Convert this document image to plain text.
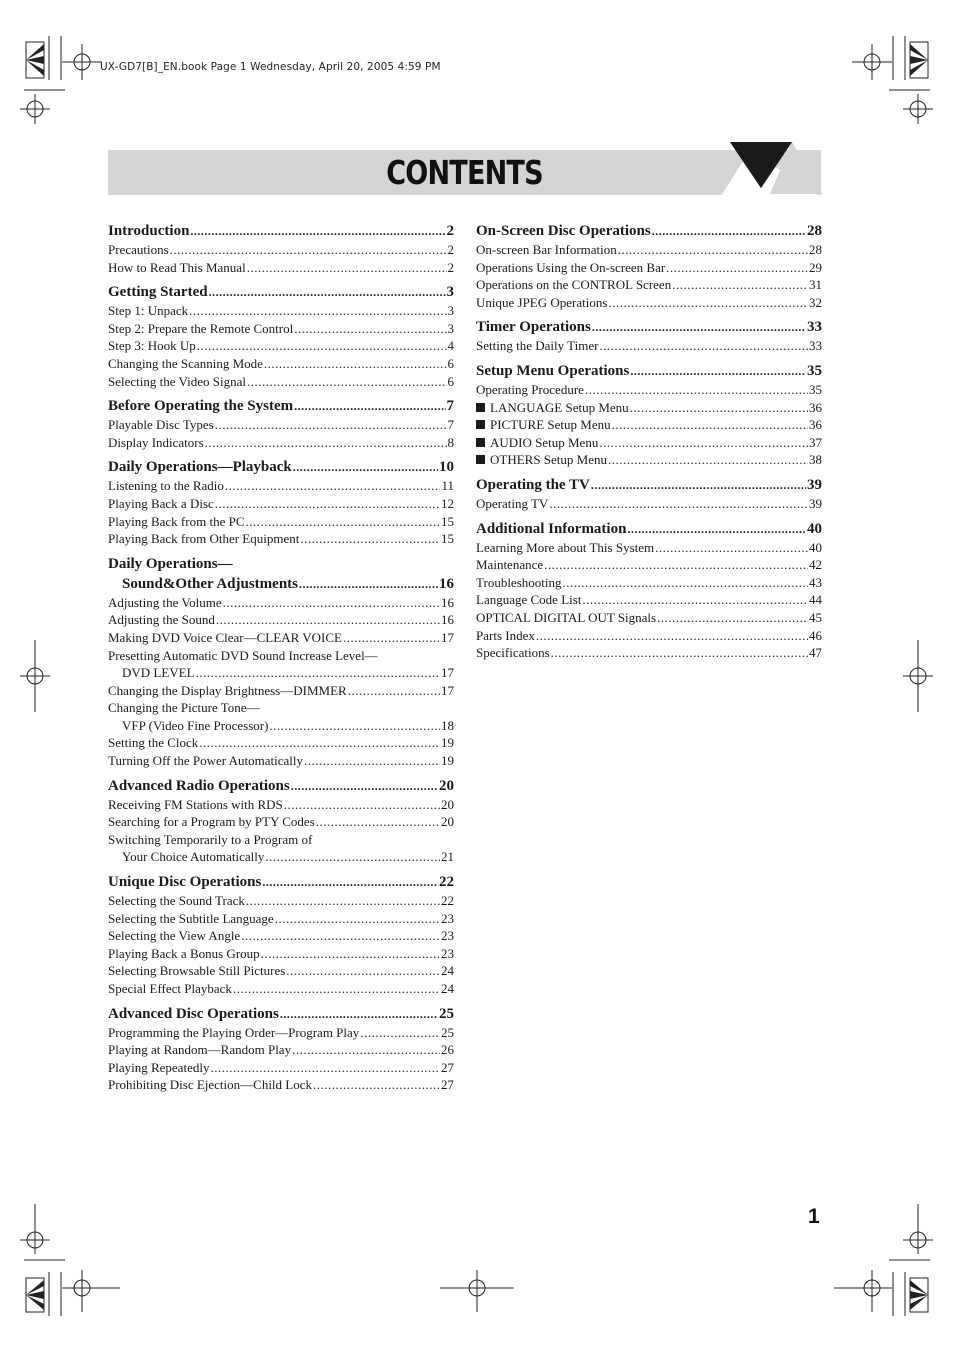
UX-GD7[B]_EN.book Page 1 Wednesday, April 20, 2005 4:59 PM
CONTENTS
Introduction .....	2
Precautions .....	2
How to Read This Manual .....	2
Getting Started .....	3
Step 1: Unpack .....	3
Step 2: Prepare the Remote Control .....	3
Step 3: Hook Up .....	4
Changing the Scanning Mode .....	6
Selecting the Video Signal .....	6
Before Operating the System .....	7
Playable Disc Types .....	7
Display Indicators .....	8
Daily Operations—Playback .....	10
Listening to the Radio .....	11
Playing Back a Disc .....	12
Playing Back from the PC .....	15
Playing Back from Other Equipment .....	15
Daily Operations—
Sound&Other Adjustments .....	16
Adjusting the Volume .....	16
Adjusting the Sound .....	16
Making DVD Voice Clear—CLEAR VOICE .....	17
Presetting Automatic DVD Sound Increase Level—
DVD LEVEL .....	17
Changing the Display Brightness—DIMMER .....	17
Changing the Picture Tone—
VFP (Video Fine Processor) .....	18
Setting the Clock .....	19
Turning Off the Power Automatically .....	19
Advanced Radio Operations .....	20
Receiving FM Stations with RDS .....	20
Searching for a Program by PTY Codes .....	20
Switching Temporarily to a Program of
Your Choice Automatically .....	21
Unique Disc Operations .....	22
Selecting the Sound Track .....	22
Selecting the Subtitle Language .....	23
Selecting the View Angle .....	23
Playing Back a Bonus Group .....	23
Selecting Browsable Still Pictures .....	24
Special Effect Playback .....	24
Advanced Disc Operations .....	25
Programming the Playing Order—Program Play .....	25
Playing at Random—Random Play .....	26
Playing Repeatedly .....	27
Prohibiting Disc Ejection—Child Lock .....	27
On-Screen Disc Operations .....	28
On-screen Bar Information .....	28
Operations Using the On-screen Bar .....	29
Operations on the CONTROL Screen .....	31
Unique JPEG Operations .....	32
Timer Operations .....	33
Setting the Daily Timer .....	33
Setup Menu Operations .....	35
Operating Procedure .....	35
LANGUAGE Setup Menu .....	36
PICTURE Setup Menu .....	36
AUDIO Setup Menu .....	37
OTHERS Setup Menu .....	38
Operating the TV .....	39
Operating TV .....	39
Additional Information .....	40
Learning More about This System .....	40
Maintenance .....	42
Troubleshooting .....	43
Language Code List .....	44
OPTICAL DIGITAL OUT Signals .....	45
Parts Index .....	46
Specifications .....	47
1
